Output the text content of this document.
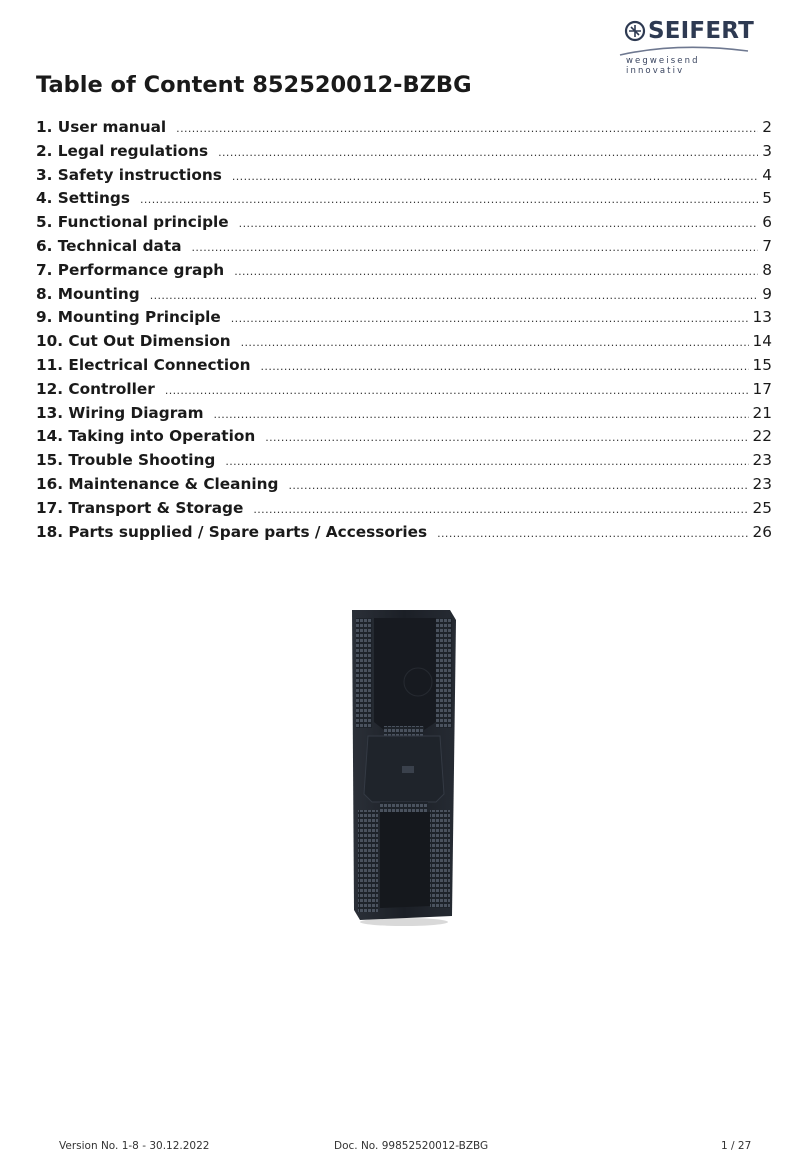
SEIFERT
wegweisend innovativ
Table of Content 852520012-BZBG
1. User manual .....	2
2. Legal regulations .....	3
3. Safety instructions .....	4
4. Settings .....	5
5. Functional principle .....	6
6. Technical data .....	7
7. Performance graph .....	8
8. Mounting .....	9
9. Mounting Principle .....	13
10. Cut Out Dimension .....	14
11. Electrical Connection .....	15
12. Controller .....	17
13. Wiring Diagram .....	21
14. Taking into Operation .....	22
15. Trouble Shooting .....	23
16. Maintenance & Cleaning .....	23
17. Transport & Storage .....	25
18. Parts supplied / Spare parts / Accessories .....	26
Version No. 1-8 - 30.12.2022	Doc. No. 99852520012-BZBG	1 / 27
